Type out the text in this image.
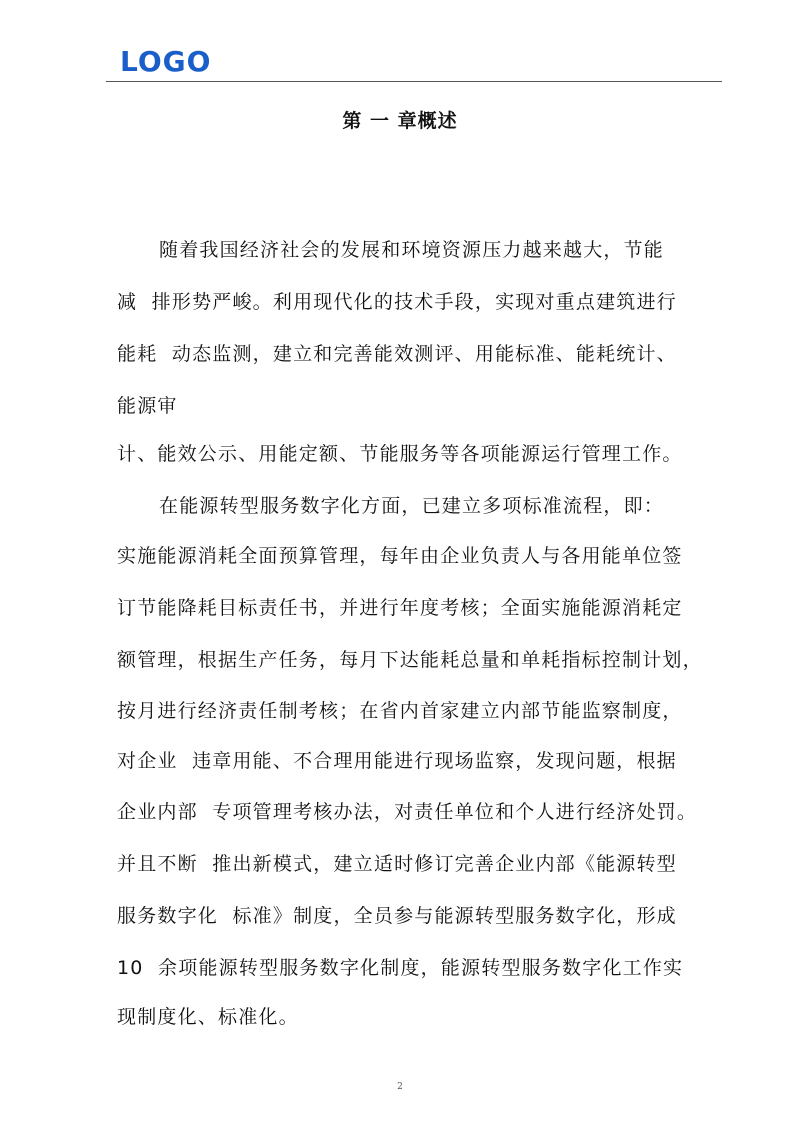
LOGO
第 一 章概述
随着我国经济社会的发展和环境资源压力越来越大，节能
减  排形势严峻。利用现代化的技术手段，实现对重点建筑进行
能耗  动态监测，建立和完善能效测评、用能标准、能耗统计、
能源审
计、能效公示、用能定额、节能服务等各项能源运行管理工作。
在能源转型服务数字化方面，已建立多项标准流程，即：
实施能源消耗全面预算管理，每年由企业负责人与各用能单位签
订节能降耗目标责任书，并进行年度考核；全面实施能源消耗定
额管理，根据生产任务，每月下达能耗总量和单耗指标控制计划，
按月进行经济责任制考核；在省内首家建立内部节能监察制度，
对企业  违章用能、不合理用能进行现场监察，发现问题，根据
企业内部  专项管理考核办法，对责任单位和个人进行经济处罚。
并且不断  推出新模式，建立适时修订完善企业内部《能源转型
服务数字化  标准》制度，全员参与能源转型服务数字化，形成
10  余项能源转型服务数字化制度，能源转型服务数字化工作实
现制度化、标准化。
2
